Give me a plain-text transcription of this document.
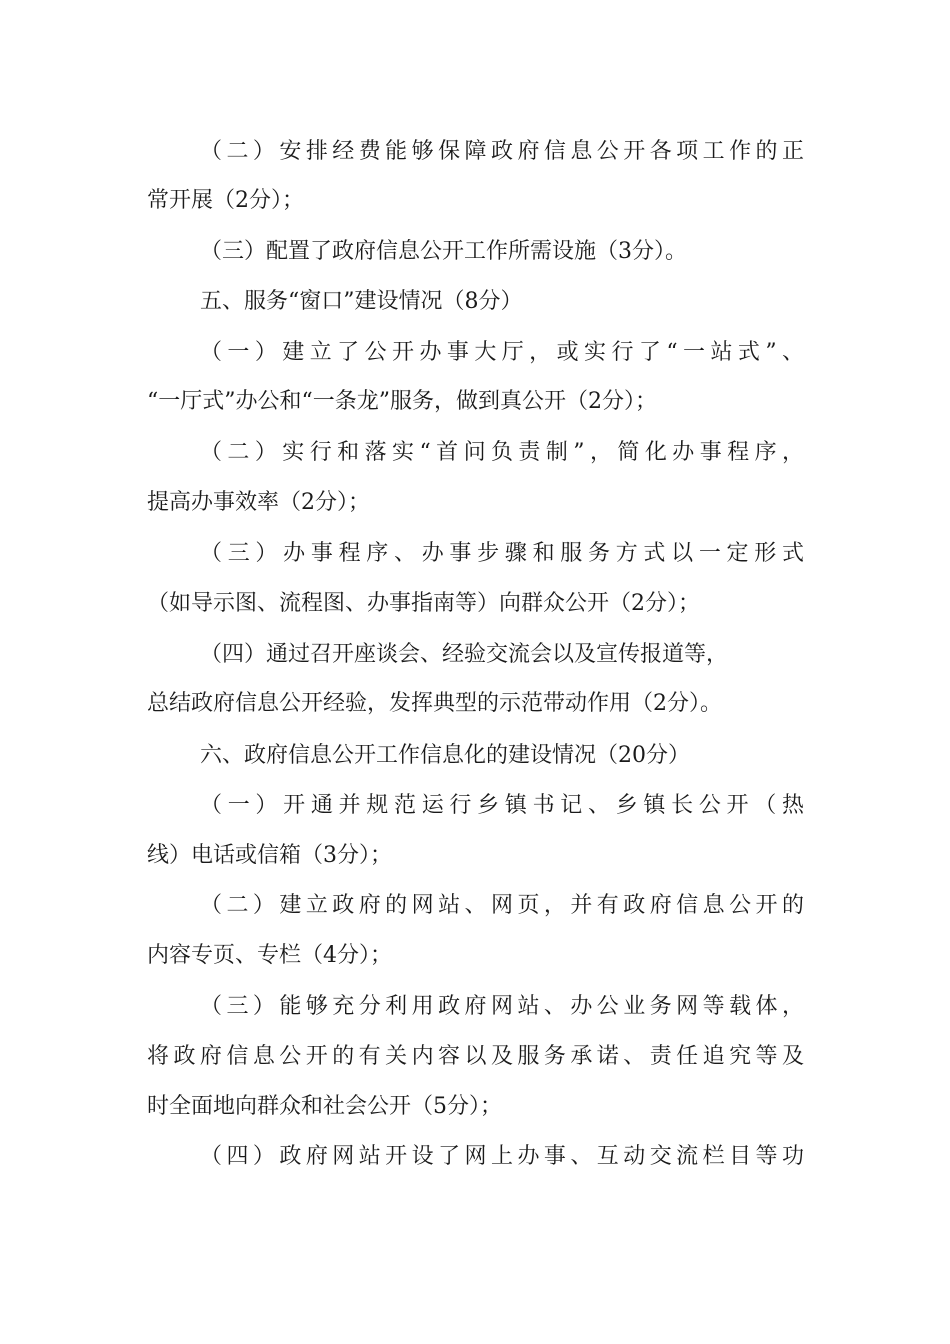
（二）安排经费能够保障政府信息公开各项工作的正
常开展（2分）；
（三）配置了政府信息公开工作所需设施（3分）。
五、服务“窗口”建设情况（8分）
（一）建立了公开办事大厅，或实行了“一站式”、
“一厅式”办公和“一条龙”服务，做到真公开（2分）；
（二）实行和落实“首问负责制”，简化办事程序，
提高办事效率（2分）；
（三）办事程序、办事步骤和服务方式以一定形式
（如导示图、流程图、办事指南等）向群众公开（2分）；
（四）通过召开座谈会、经验交流会以及宣传报道等，
总结政府信息公开经验，发挥典型的示范带动作用（2分）。
六、政府信息公开工作信息化的建设情况（20分）
（一）开通并规范运行乡镇书记、乡镇长公开（热
线）电话或信箱（3分）；
（二）建立政府的网站、网页，并有政府信息公开的
内容专页、专栏（4分）；
（三）能够充分利用政府网站、办公业务网等载体，
将政府信息公开的有关内容以及服务承诺、责任追究等及
时全面地向群众和社会公开（5分）；
（四）政府网站开设了网上办事、互动交流栏目等功
